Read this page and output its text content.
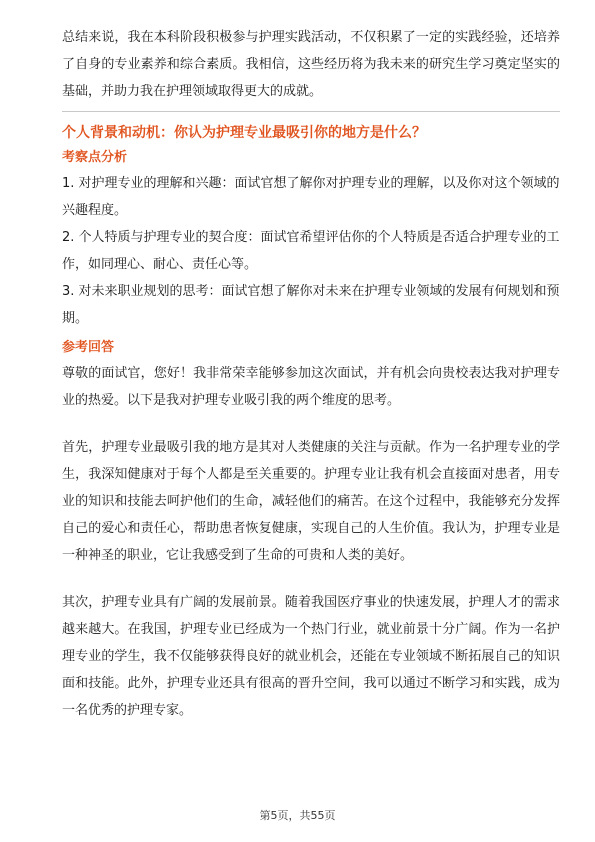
总结来说，我在本科阶段积极参与护理实践活动，不仅积累了一定的实践经验，还培养了自身的专业素养和综合素质。我相信，这些经历将为我未来的研究生学习奠定坚实的基础，并助力我在护理领域取得更大的成就。

个人背景和动机：你认为护理专业最吸引你的地方是什么？

考察点分析

1. 对护理专业的理解和兴趣：面试官想了解你对护理专业的理解，以及你对这个领域的兴趣程度。

2. 个人特质与护理专业的契合度：面试官希望评估你的个人特质是否适合护理专业的工作，如同理心、耐心、责任心等。

3. 对未来职业规划的思考：面试官想了解你对未来在护理专业领域的发展有何规划和预期。

参考回答

尊敬的面试官，您好！我非常荣幸能够参加这次面试，并有机会向贵校表达我对护理专业的热爱。以下是我对护理专业吸引我的两个维度的思考。

首先，护理专业最吸引我的地方是其对人类健康的关注与贡献。作为一名护理专业的学生，我深知健康对于每个人都是至关重要的。护理专业让我有机会直接面对患者，用专业的知识和技能去呵护他们的生命，减轻他们的痛苦。在这个过程中，我能够充分发挥自己的爱心和责任心，帮助患者恢复健康，实现自己的人生价值。我认为，护理专业是一种神圣的职业，它让我感受到了生命的可贵和人类的美好。

其次，护理专业具有广阔的发展前景。随着我国医疗事业的快速发展，护理人才的需求越来越大。在我国，护理专业已经成为一个热门行业，就业前景十分广阔。作为一名护理专业的学生，我不仅能够获得良好的就业机会，还能在专业领域不断拓展自己的知识面和技能。此外，护理专业还具有很高的晋升空间，我可以通过不断学习和实践，成为一名优秀的护理专家。

第5页，共55页
